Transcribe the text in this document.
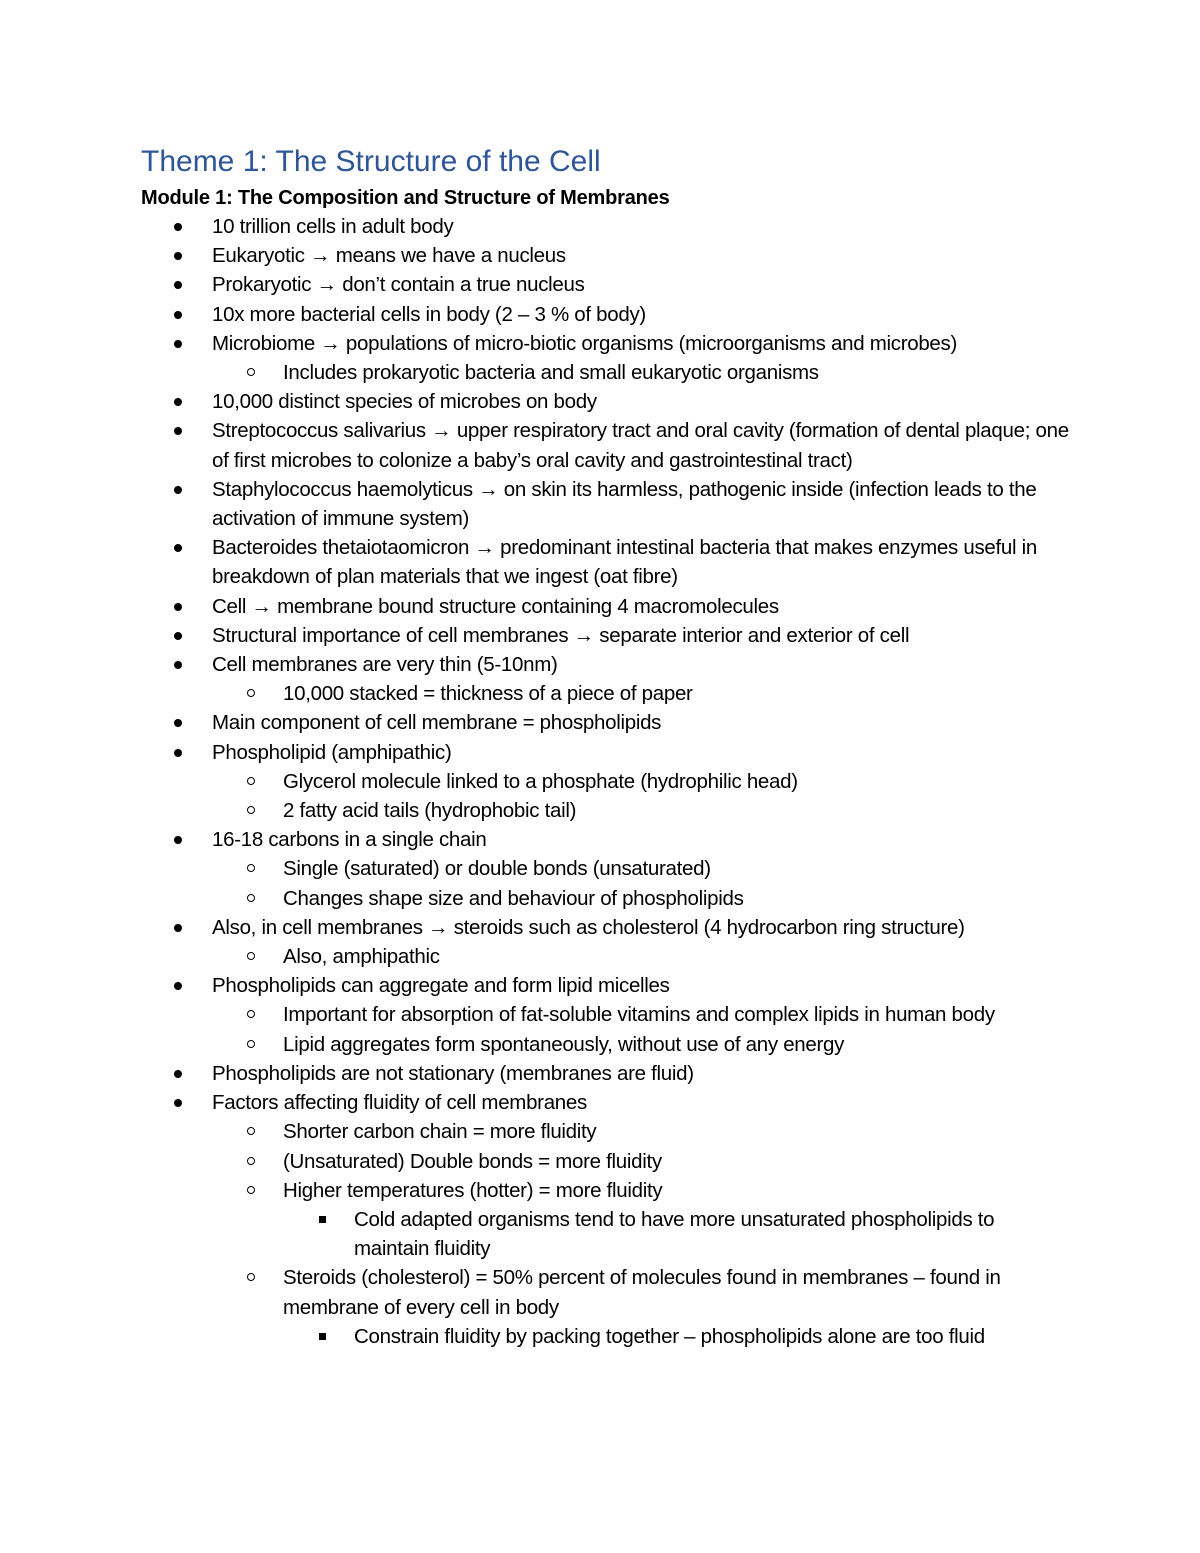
Theme 1: The Structure of the Cell
Module 1: The Composition and Structure of Membranes
10 trillion cells in adult body
Eukaryotic → means we have a nucleus
Prokaryotic → don’t contain a true nucleus
10x more bacterial cells in body (2 – 3 % of body)
Microbiome → populations of micro-biotic organisms (microorganisms and microbes)
Includes prokaryotic bacteria and small eukaryotic organisms
10,000 distinct species of microbes on body
Streptococcus salivarius → upper respiratory tract and oral cavity (formation of dental plaque; one of first microbes to colonize a baby’s oral cavity and gastrointestinal tract)
Staphylococcus haemolyticus → on skin its harmless, pathogenic inside (infection leads to the activation of immune system)
Bacteroides thetaiotaomicron → predominant intestinal bacteria that makes enzymes useful in breakdown of plan materials that we ingest (oat fibre)
Cell → membrane bound structure containing 4 macromolecules
Structural importance of cell membranes → separate interior and exterior of cell
Cell membranes are very thin (5-10nm)
10,000 stacked = thickness of a piece of paper
Main component of cell membrane = phospholipids
Phospholipid (amphipathic)
Glycerol molecule linked to a phosphate (hydrophilic head)
2 fatty acid tails (hydrophobic tail)
16-18 carbons in a single chain
Single (saturated) or double bonds (unsaturated)
Changes shape size and behaviour of phospholipids
Also, in cell membranes → steroids such as cholesterol (4 hydrocarbon ring structure)
Also, amphipathic
Phospholipids can aggregate and form lipid micelles
Important for absorption of fat-soluble vitamins and complex lipids in human body
Lipid aggregates form spontaneously, without use of any energy
Phospholipids are not stationary (membranes are fluid)
Factors affecting fluidity of cell membranes
Shorter carbon chain = more fluidity
(Unsaturated) Double bonds = more fluidity
Higher temperatures (hotter) = more fluidity
Cold adapted organisms tend to have more unsaturated phospholipids to maintain fluidity
Steroids (cholesterol) = 50% percent of molecules found in membranes – found in membrane of every cell in body
Constrain fluidity by packing together – phospholipids alone are too fluid
